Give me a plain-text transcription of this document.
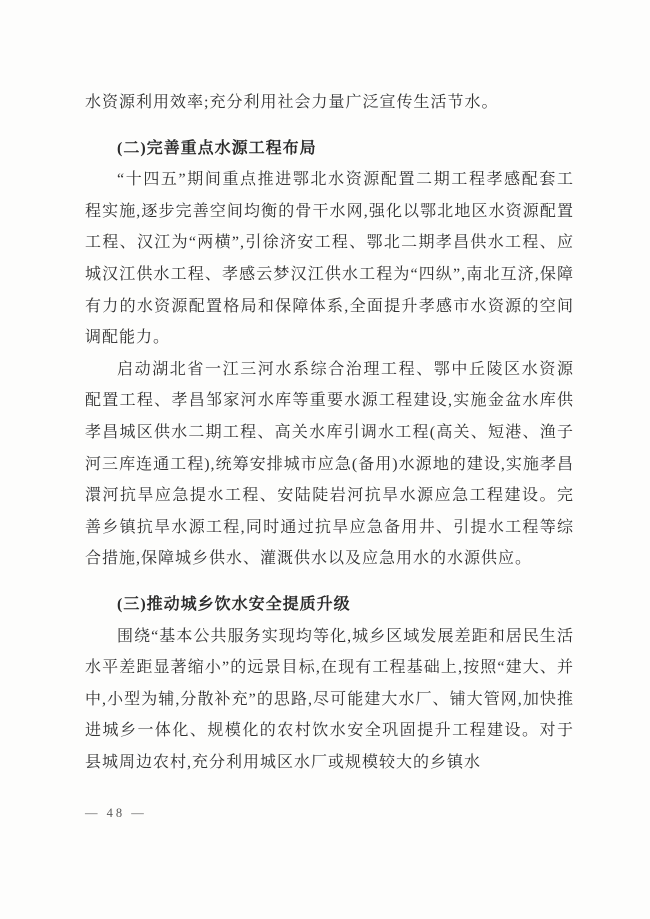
水资源利用效率;充分利用社会力量广泛宣传生活节水。

(二)完善重点水源工程布局

“十四五”期间重点推进鄂北水资源配置二期工程孝感配套工程实施,逐步完善空间均衡的骨干水网,强化以鄂北地区水资源配置工程、汉江为“两横”,引徐济安工程、鄂北二期孝昌供水工程、应城汉江供水工程、孝感云梦汉江供水工程为“四纵”,南北互济,保障有力的水资源配置格局和保障体系,全面提升孝感市水资源的空间调配能力。

启动湖北省一江三河水系综合治理工程、鄂中丘陵区水资源配置工程、孝昌邹家河水库等重要水源工程建设,实施金盆水库供孝昌城区供水二期工程、高关水库引调水工程(高关、短港、渔子河三库连通工程),统筹安排城市应急(备用)水源地的建设,实施孝昌澴河抗旱应急提水工程、安陆陡岩河抗旱水源应急工程建设。完善乡镇抗旱水源工程,同时通过抗旱应急备用井、引提水工程等综合措施,保障城乡供水、灌溉供水以及应急用水的水源供应。

(三)推动城乡饮水安全提质升级

围绕“基本公共服务实现均等化,城乡区域发展差距和居民生活水平差距显著缩小”的远景目标,在现有工程基础上,按照“建大、并中,小型为辅,分散补充”的思路,尽可能建大水厂、铺大管网,加快推进城乡一体化、规模化的农村饮水安全巩固提升工程建设。对于县城周边农村,充分利用城区水厂或规模较大的乡镇水

— 48 —
